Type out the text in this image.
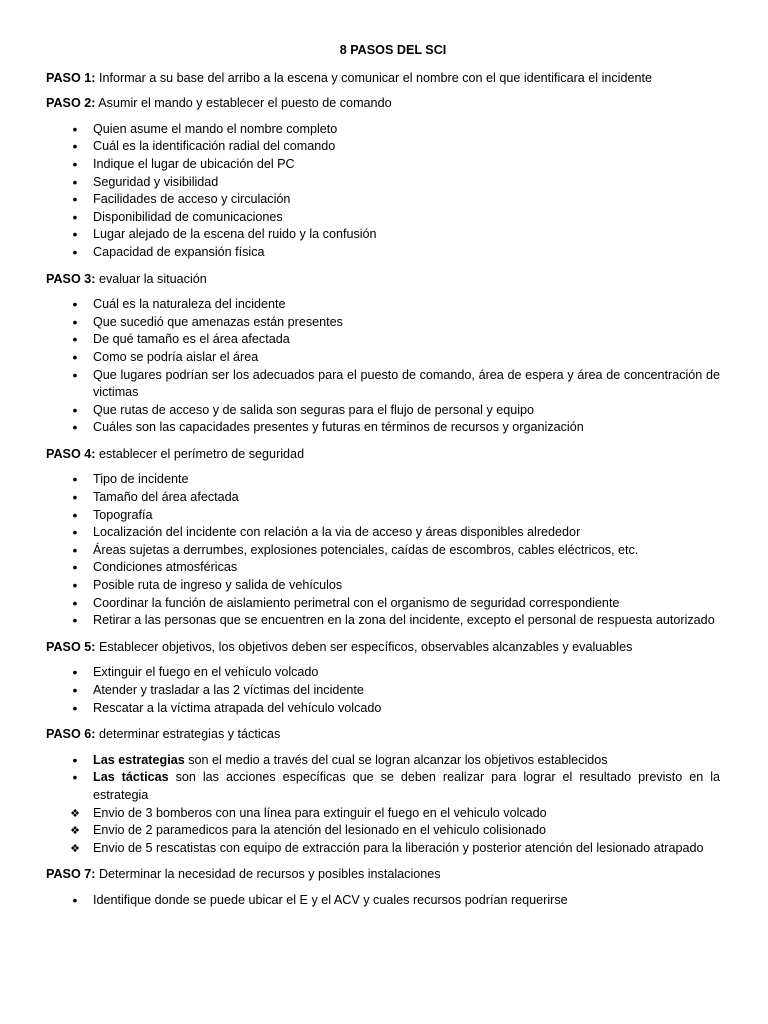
8 PASOS DEL SCI

PASO 1: Informar a su base del arribo a la escena y comunicar el nombre con el que identificara el incidente

PASO 2: Asumir el mando y establecer el puesto de comando

•
Quien asume el mando el nombre completo
•
Cuál es la identificación radial del comando
•
Indique el lugar de ubicación del PC
•
Seguridad y visibilidad
•
Facilidades de acceso y circulación
•
Disponibilidad de comunicaciones
•
Lugar alejado de la escena del ruido y la confusión
•
Capacidad de expansión física

PASO 3: evaluar la situación

•
Cuál es la naturaleza del incidente
•
Que sucedió que amenazas están presentes
•
De qué tamaño es el área afectada
•
Como se podría aislar el área
•
Que lugares podrían ser los adecuados para el puesto de comando, área de espera y área de concentración de victimas
•
Que rutas de acceso y de salida son seguras para el flujo de personal y equipo
•
Cuáles son las capacidades presentes y futuras en términos de recursos y organización

PASO 4: establecer el perímetro de seguridad

•
Tipo de incidente
•
Tamaño del área afectada
•
Topografía
•
Localización del incidente con relación a la via de acceso y áreas disponibles alrededor
•
Áreas sujetas a derrumbes, explosiones potenciales, caídas de escombros, cables eléctricos, etc.
•
Condiciones atmosféricas
•
Posible ruta de ingreso y salida de vehículos
•
Coordinar la función de aislamiento perimetral con el organismo de seguridad correspondiente
•
Retirar a las personas que se encuentren en la zona del incidente, excepto el personal de respuesta autorizado

PASO 5: Establecer objetivos, los objetivos deben ser específicos, observables alcanzables y evaluables

•
Extinguir el fuego en el vehículo volcado
•
Atender y trasladar a las 2 víctimas del incidente
•
Rescatar a la víctima atrapada del vehículo volcado

PASO 6: determinar estrategias y tácticas

•
Las estrategias son el medio a través del cual se logran alcanzar los objetivos establecidos
•
Las tácticas son las acciones específicas que se deben realizar para lograr el resultado previsto en la estrategia
❖
Envio de 3 bomberos con una línea para extinguir el fuego en el vehiculo volcado
❖
Envio de 2 paramedicos para la atención del lesionado en el vehiculo colisionado
❖
Envio de 5 rescatistas con equipo de extracción para la liberación y posterior atención del lesionado atrapado

PASO 7: Determinar la necesidad de recursos y posibles instalaciones

•
Identifique donde se puede ubicar el E y el ACV y cuales recursos podrían requerirse
